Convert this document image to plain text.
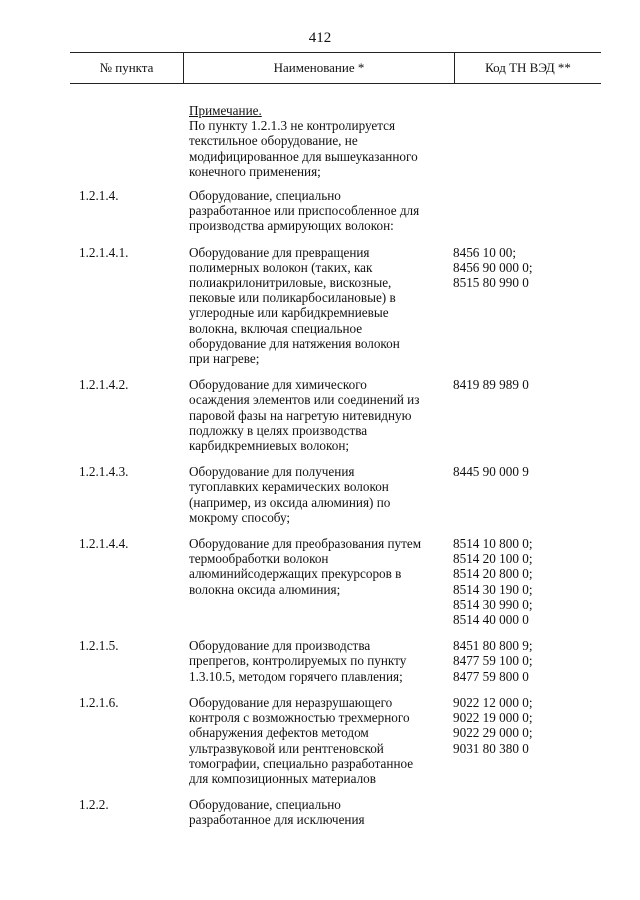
412
№ пункта	Наименование *	Код ТН ВЭД **
Примечание.
По пункту 1.2.1.3 не контролируется
текстильное оборудование, не
модифицированное для вышеуказанного
конечного применения;
1.2.1.4.	Оборудование, специально
разработанное или приспособленное для
производства армирующих волокон:
1.2.1.4.1.	Оборудование для превращения
полимерных волокон (таких, как
полиакрилонитриловые, вискозные,
пековые или поликарбосилановые) в
углеродные или карбидкремниевые
волокна, включая специальное
оборудование для натяжения волокон
при нагреве;
8456 10 00;
8456 90 000 0;
8515 80 990 0
1.2.1.4.2.	Оборудование для химического
осаждения элементов или соединений из
паровой фазы на нагретую нитевидную
подложку в целях производства
карбидкремниевых волокон;
8419 89 989 0
1.2.1.4.3.	Оборудование для получения
тугоплавких керамических волокон
(например, из оксида алюминия) по
мокрому способу;
8445 90 000 9
1.2.1.4.4.	Оборудование для преобразования путем
термообработки волокон
алюминийсодержащих прекурсоров в
волокна оксида алюминия;
8514 10 800 0;
8514 20 100 0;
8514 20 800 0;
8514 30 190 0;
8514 30 990 0;
8514 40 000 0
1.2.1.5.	Оборудование для производства
препрегов, контролируемых по пункту
1.3.10.5, методом горячего плавления;
8451 80 800 9;
8477 59 100 0;
8477 59 800 0
1.2.1.6.	Оборудование для неразрушающего
контроля с возможностью трехмерного
обнаружения дефектов методом
ультразвуковой или рентгеновской
томографии, специально разработанное
для композиционных материалов
9022 12 000 0;
9022 19 000 0;
9022 29 000 0;
9031 80 380 0
1.2.2.	Оборудование, специально
разработанное для исключения
